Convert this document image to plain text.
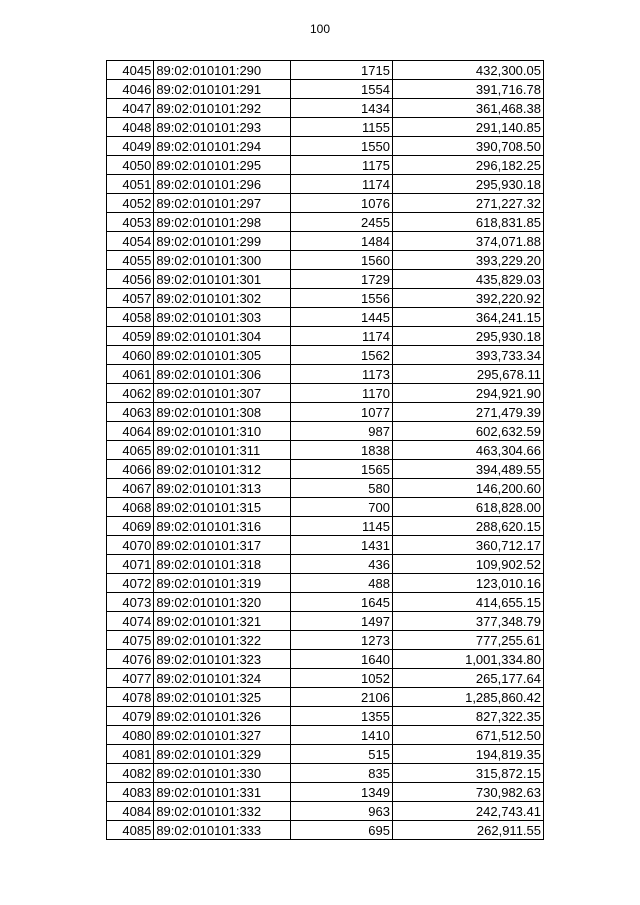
100
4045	89:02:010101:290	1715	432,300.05
4046	89:02:010101:291	1554	391,716.78
4047	89:02:010101:292	1434	361,468.38
4048	89:02:010101:293	1155	291,140.85
4049	89:02:010101:294	1550	390,708.50
4050	89:02:010101:295	1175	296,182.25
4051	89:02:010101:296	1174	295,930.18
4052	89:02:010101:297	1076	271,227.32
4053	89:02:010101:298	2455	618,831.85
4054	89:02:010101:299	1484	374,071.88
4055	89:02:010101:300	1560	393,229.20
4056	89:02:010101:301	1729	435,829.03
4057	89:02:010101:302	1556	392,220.92
4058	89:02:010101:303	1445	364,241.15
4059	89:02:010101:304	1174	295,930.18
4060	89:02:010101:305	1562	393,733.34
4061	89:02:010101:306	1173	295,678.11
4062	89:02:010101:307	1170	294,921.90
4063	89:02:010101:308	1077	271,479.39
4064	89:02:010101:310	987	602,632.59
4065	89:02:010101:311	1838	463,304.66
4066	89:02:010101:312	1565	394,489.55
4067	89:02:010101:313	580	146,200.60
4068	89:02:010101:315	700	618,828.00
4069	89:02:010101:316	1145	288,620.15
4070	89:02:010101:317	1431	360,712.17
4071	89:02:010101:318	436	109,902.52
4072	89:02:010101:319	488	123,010.16
4073	89:02:010101:320	1645	414,655.15
4074	89:02:010101:321	1497	377,348.79
4075	89:02:010101:322	1273	777,255.61
4076	89:02:010101:323	1640	1,001,334.80
4077	89:02:010101:324	1052	265,177.64
4078	89:02:010101:325	2106	1,285,860.42
4079	89:02:010101:326	1355	827,322.35
4080	89:02:010101:327	1410	671,512.50
4081	89:02:010101:329	515	194,819.35
4082	89:02:010101:330	835	315,872.15
4083	89:02:010101:331	1349	730,982.63
4084	89:02:010101:332	963	242,743.41
4085	89:02:010101:333	695	262,911.55
